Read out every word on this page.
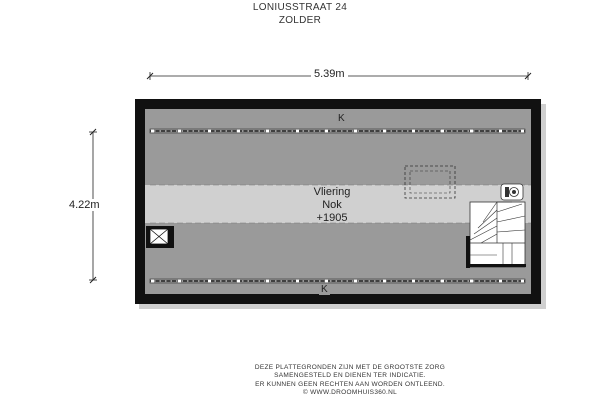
LONIUSSTRAAT 24
ZOLDER
5.39m
4.22m
K
K
Vliering
Nok
+1905
DEZE PLATTEGRONDEN ZIJN MET DE GROOTSTE ZORG
SAMENGESTELD EN DIENEN TER INDICATIE.
ER KUNNEN GEEN RECHTEN AAN WORDEN ONTLEEND.
© WWW.DROOMHUIS360.NL
